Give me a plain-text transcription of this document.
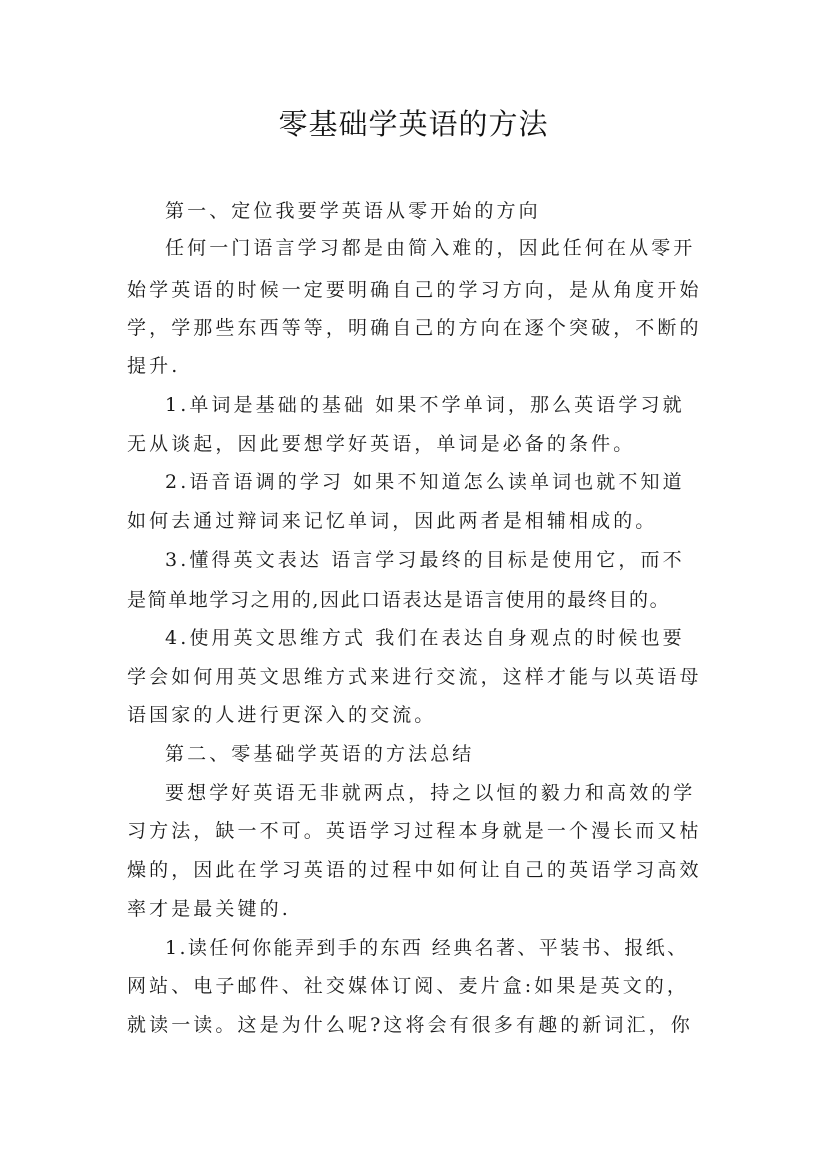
零基础学英语的方法
第一、定位我要学英语从零开始的方向
任何一门语言学习都是由简入难的，因此任何在从零开
始学英语的时候一定要明确自己的学习方向，是从角度开始
学，学那些东西等等，明确自己的方向在逐个突破，不断的
提升.
1.单词是基础的基础 如果不学单词，那么英语学习就
无从谈起，因此要想学好英语，单词是必备的条件。
2.语音语调的学习 如果不知道怎么读单词也就不知道
如何去通过辩词来记忆单词，因此两者是相辅相成的。
3.懂得英文表达 语言学习最终的目标是使用它，而不
是简单地学习之用的,因此口语表达是语言使用的最终目的。
4.使用英文思维方式 我们在表达自身观点的时候也要
学会如何用英文思维方式来进行交流，这样才能与以英语母
语国家的人进行更深入的交流。
第二、零基础学英语的方法总结
要想学好英语无非就两点，持之以恒的毅力和高效的学
习方法，缺一不可。英语学习过程本身就是一个漫长而又枯
燥的，因此在学习英语的过程中如何让自己的英语学习高效
率才是最关键的.
1.读任何你能弄到手的东西 经典名著、平装书、报纸、
网站、电子邮件、社交媒体订阅、麦片盒:如果是英文的，
就读一读。这是为什么呢?这将会有很多有趣的新词汇，你
